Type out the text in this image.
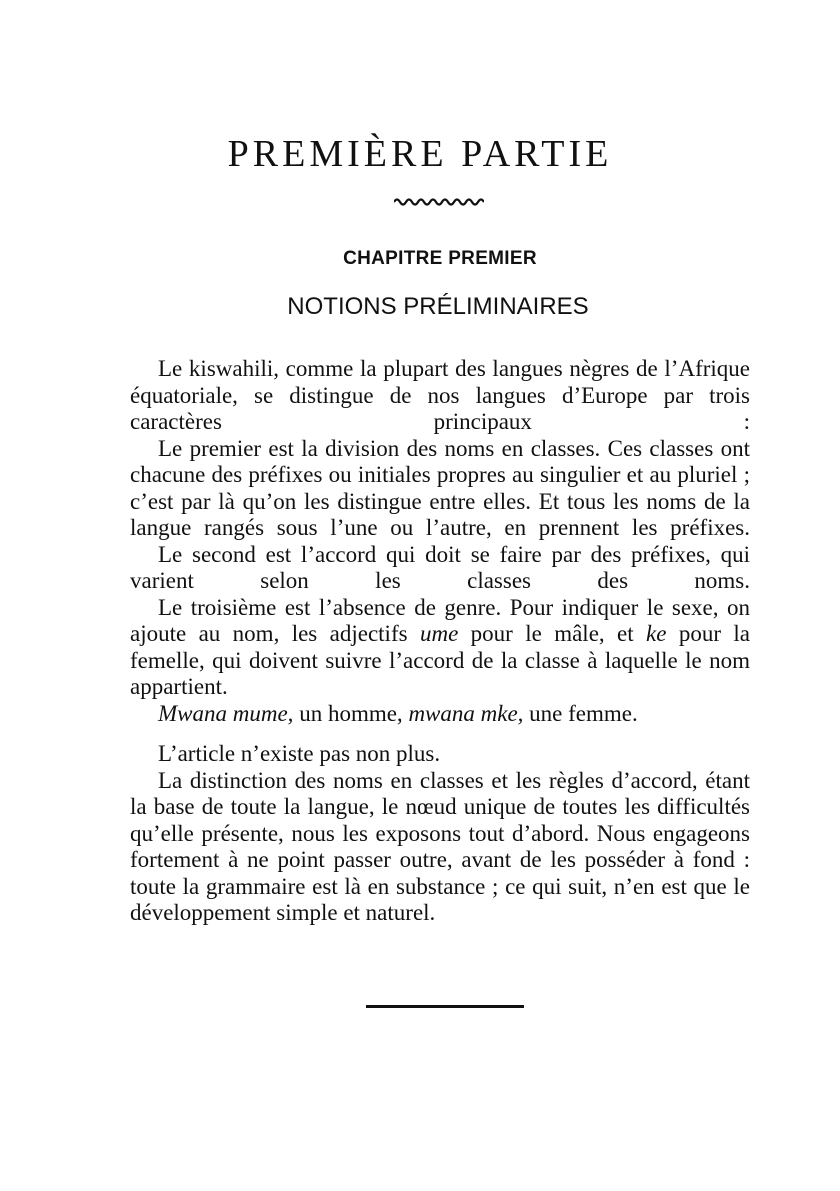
PREMIÈRE PARTIE
CHAPITRE PREMIER
NOTIONS PRÉLIMINAIRES

Le kiswahili, comme la plupart des langues nègres de l’Afrique équatoriale, se distingue de nos langues d’Europe par trois caractères principaux :

Le premier est la division des noms en classes. Ces classes ont chacune des préfixes ou initiales propres au singulier et au pluriel ; c’est par là qu’on les distingue entre elles. Et tous les noms de la langue rangés sous l’une ou l’autre, en prennent les préfixes.

Le second est l’accord qui doit se faire par des préfixes, qui varient selon les classes des noms.

Le troisième est l’absence de genre. Pour indiquer le sexe, on ajoute au nom, les adjectifs ume pour le mâle, et ke pour la femelle, qui doivent suivre l’accord de la classe à laquelle le nom appartient.

Mwana mume, un homme, mwana mke, une femme.

L’article n’existe pas non plus.

La distinction des noms en classes et les règles d’accord, étant la base de toute la langue, le nœud unique de toutes les difficultés qu’elle présente, nous les exposons tout d’abord. Nous engageons fortement à ne point passer outre, avant de les posséder à fond : toute la grammaire est là en substance ; ce qui suit, n’en est que le développement simple et naturel.
